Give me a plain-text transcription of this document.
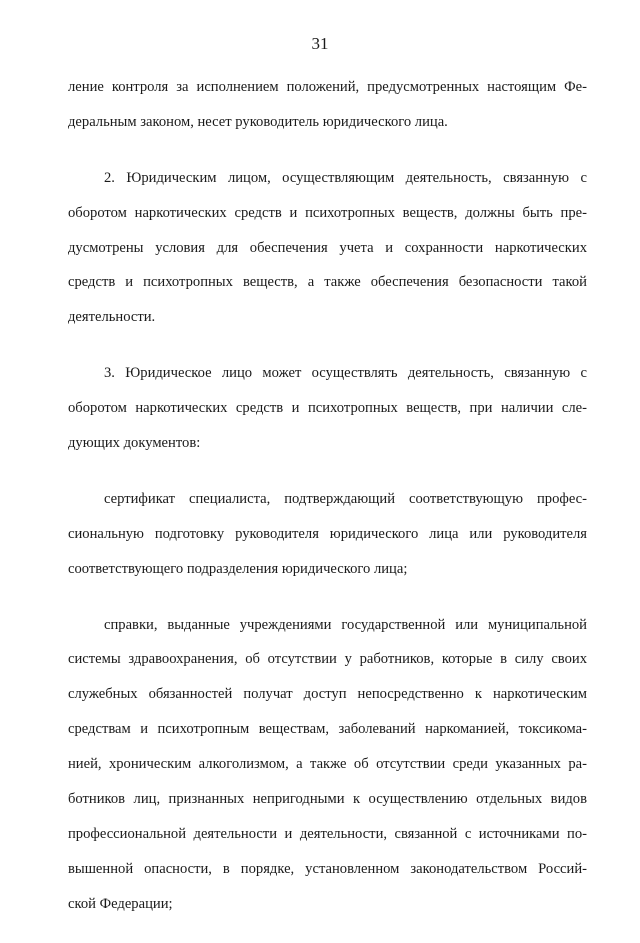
31
ление контроля за исполнением положений, предусмотренных настоящим Фе-
деральным законом, несет руководитель юридического лица.
2. Юридическим лицом, осуществляющим деятельность, связанную с
оборотом наркотических средств и психотропных веществ, должны быть пре-
дусмотрены условия для обеспечения учета и сохранности наркотических
средств и психотропных веществ, а также обеспечения безопасности такой
деятельности.
3. Юридическое лицо может осуществлять деятельность, связанную с
оборотом наркотических средств и психотропных веществ, при наличии сле-
дующих документов:
сертификат специалиста, подтверждающий соответствующую профес-
сиональную подготовку руководителя юридического лица или руководителя
соответствующего подразделения юридического лица;
справки, выданные учреждениями государственной или муниципальной
системы здравоохранения, об отсутствии у работников, которые в силу своих
служебных обязанностей получат доступ непосредственно к наркотическим
средствам и психотропным веществам, заболеваний наркоманией, токсикома-
нией, хроническим алкоголизмом, а также об отсутствии среди указанных ра-
ботников лиц, признанных непригодными к осуществлению отдельных видов
профессиональной деятельности и деятельности, связанной с источниками по-
вышенной опасности, в порядке, установленном законодательством Россий-
ской Федерации;
